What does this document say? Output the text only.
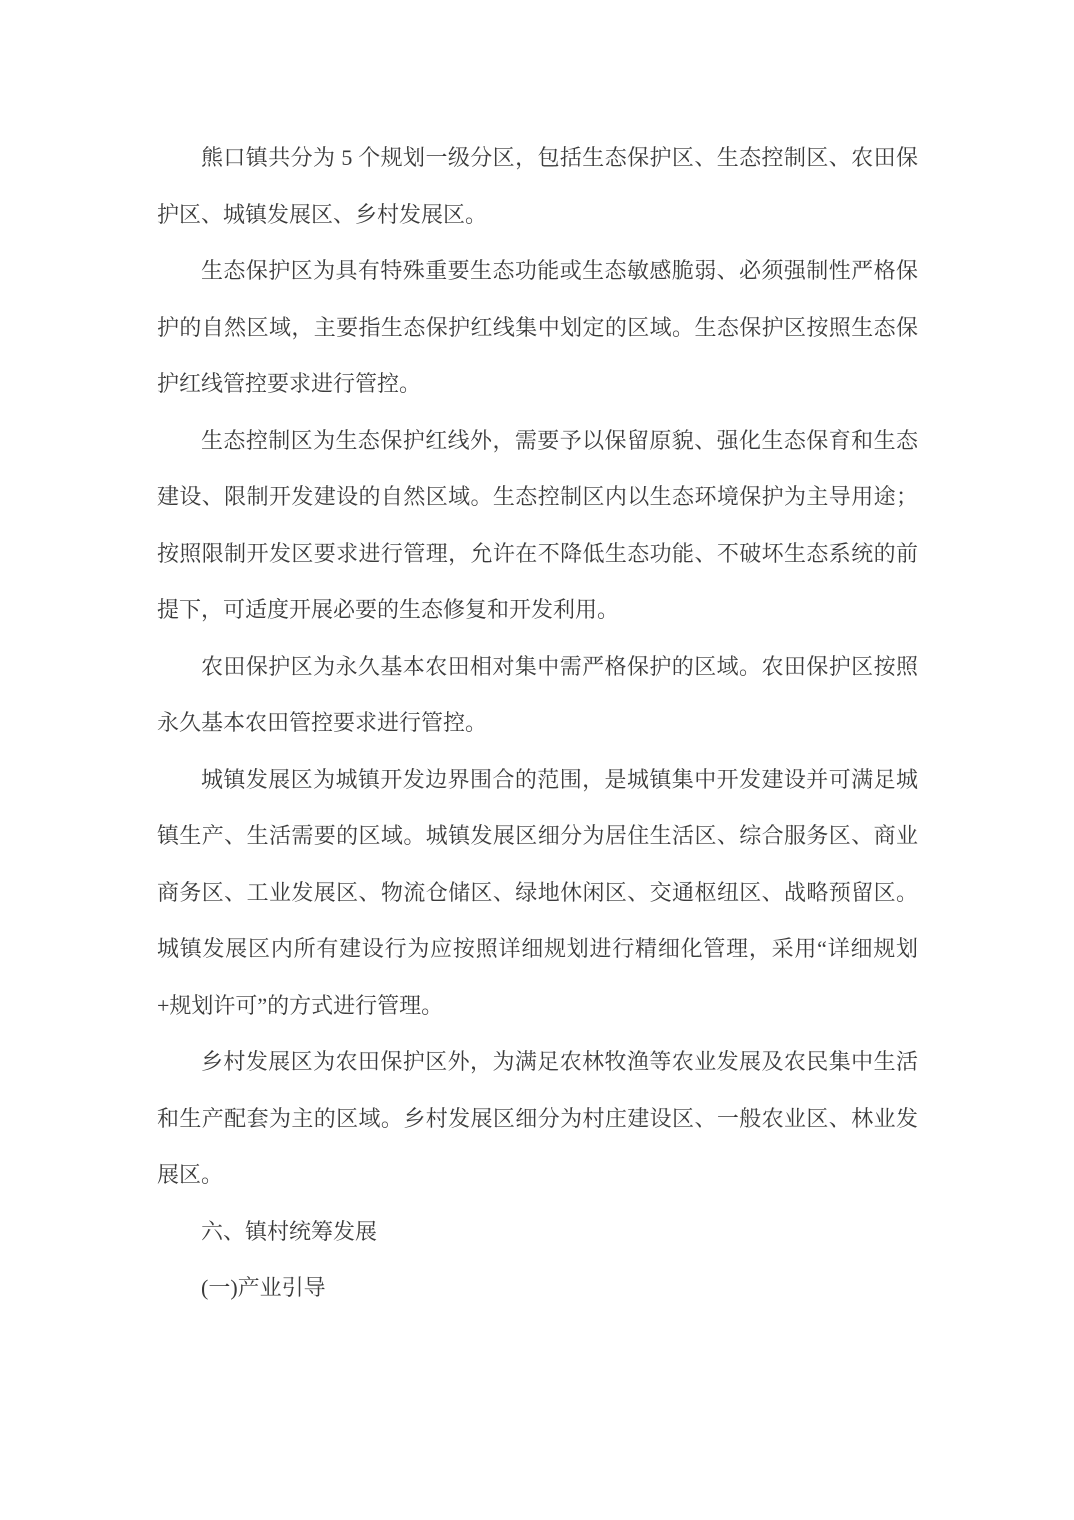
熊口镇共分为 5 个规划一级分区，包括生态保护区、生态控制区、农田保护区、城镇发展区、乡村发展区。

生态保护区为具有特殊重要生态功能或生态敏感脆弱、必须强制性严格保护的自然区域，主要指生态保护红线集中划定的区域。生态保护区按照生态保护红线管控要求进行管控。

生态控制区为生态保护红线外，需要予以保留原貌、强化生态保育和生态建设、限制开发建设的自然区域。生态控制区内以生态环境保护为主导用途；按照限制开发区要求进行管理，允许在不降低生态功能、不破坏生态系统的前提下，可适度开展必要的生态修复和开发利用。

农田保护区为永久基本农田相对集中需严格保护的区域。农田保护区按照永久基本农田管控要求进行管控。

城镇发展区为城镇开发边界围合的范围，是城镇集中开发建设并可满足城镇生产、生活需要的区域。城镇发展区细分为居住生活区、综合服务区、商业商务区、工业发展区、物流仓储区、绿地休闲区、交通枢纽区、战略预留区。城镇发展区内所有建设行为应按照详细规划进行精细化管理，采用“详细规划+规划许可”的方式进行管理。

乡村发展区为农田保护区外，为满足农林牧渔等农业发展及农民集中生活和生产配套为主的区域。乡村发展区细分为村庄建设区、一般农业区、林业发展区。

六、镇村统筹发展

(一)产业引导
